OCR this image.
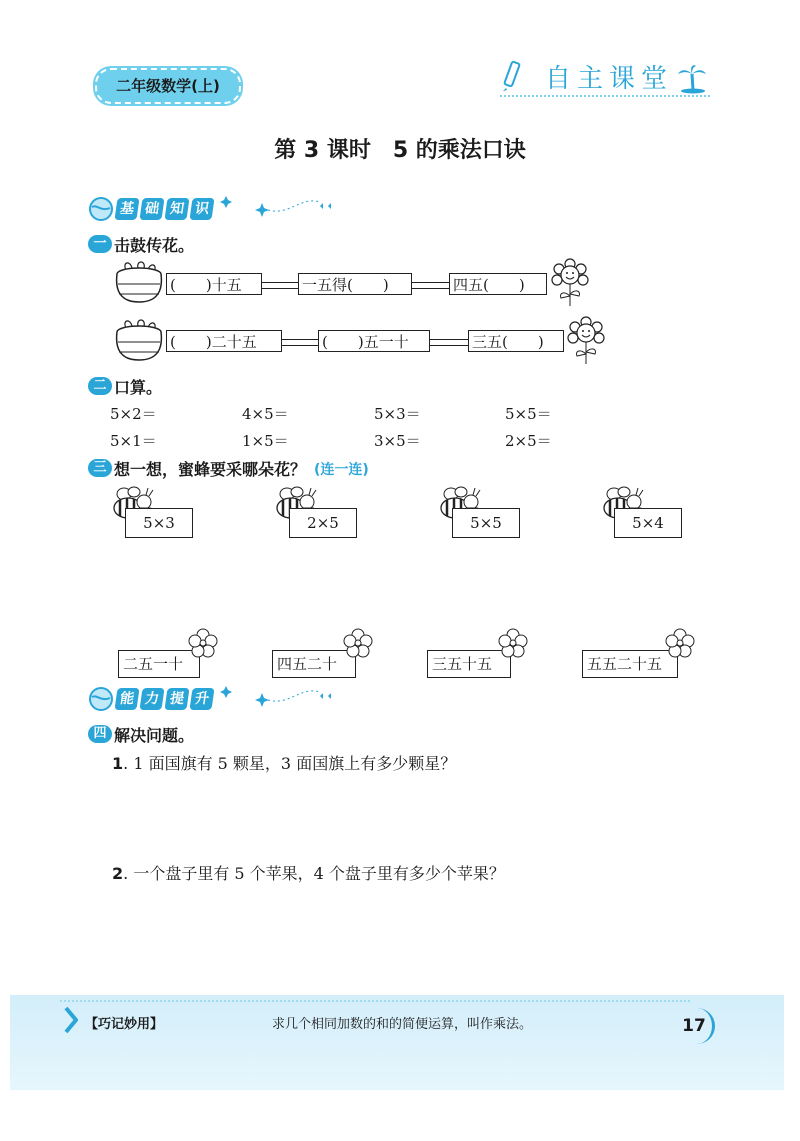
二年级数学(上)	自主课堂
第 3 课时　5 的乘法口诀
基 础 知 识
一 击鼓传花。
(　　)十五	一五得(　　)	四五(　　)
(　　)二十五	(　　)五一十	三五(　　)
二 口算。
5×2＝	4×5＝	5×3＝	5×5＝
5×1＝	1×5＝	3×5＝	2×5＝
三 想一想，蜜蜂要采哪朵花？ (连一连)
5×3	2×5	5×5	5×4
二五一十	四五二十	三五十五	五五二十五
能 力 提 升
四 解决问题。
1. 1 面国旗有 5 颗星，3 面国旗上有多少颗星？
2. 一个盘子里有 5 个苹果，4 个盘子里有多少个苹果？
【巧记妙用】	求几个相同加数的和的简便运算，叫作乘法。	17
